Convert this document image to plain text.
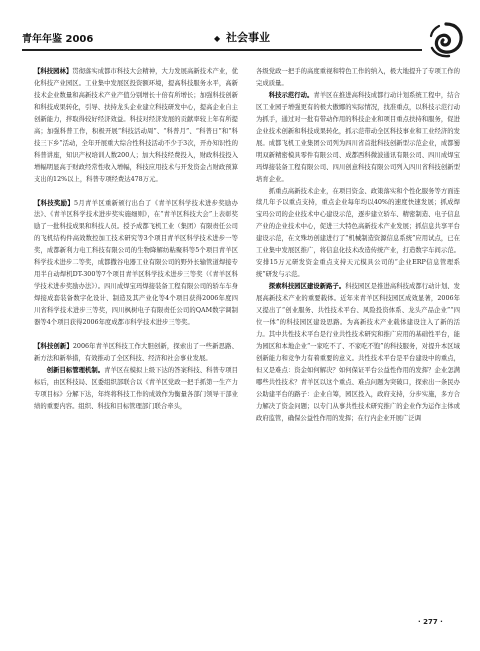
青年年鉴 2006	◆ 社会事业

【科技园林】贯彻落实成都市科技大会精神，大力发展高新技术产业，优化科技产业园区。工业集中发展区投资额环境，提高科技服务水平，高新技术企业数量和高新技术产业产值分别增长十倍有所增长；加强科技创新和科技成果转化，引导、扶持龙头企业建立科技研发中心，提高企业自主创新能力，拌取得较好经济效益。科技对经济发展的贡献率较上年有所提高；加强科普工作，积极开展“科技活动周”、“科普月”、“科普日”和“科技三下乡”活动，全年开展重大综合性科技活动不少于3次，开办知识性的科普讲座，知识产权培训人数200人；加大科技经费投入，财政科技投入增幅明显高于财政经常性收入增幅，科技应用技术与开发资金占财政预算支出的12%以上，科普专项经费达478万元。

【科技奖励】5月青羊区重新颁行出台了《青羊区科学技术进步奖励办法》、《青羊区科学技术进步奖实施细则》，在“青羊区科技大会”上表彰奖励了一批科技成果和科技人员。授予成都飞机工业（集团）有限责任公司的飞机结构件高效数控加工技术研究等3个项目青羊区科学技术进步一等奖，成都新利力电工科技有限公司的生物降解纺粘聚料等5个项目青羊区科学技术进步二等奖，成都撒谷电器工业有限公司的野外长输管道焊接专用半自动焊机DT-300等7个项目青羊区科学技术进步三等奖（《青羊区科学技术进步奖励办法》）。四川成焊宝玛焊接装备工程有限公司的轿车车身焊接成套装备数字化设计、制造及其产业化等4个项目获得2006年度四川省科学技术进步三等奖，四川枫树电子有限责任公司的QAM数字调制器等4个项目获得2006年度成都市科学技术进步三等奖。

【科技创新】2006年青羊区科技工作大胆创新，探索出了一些新思路、新方法和新举措，有效推动了全区科技、经济和社会事业发展。

创新目标管理机制。青羊区在模拟上级下达的答案科技、科普专项目标后，由区科技局、区委组织部联合以《青羊区党政一把手抓第一生产力专项目标》分解下达，年终将科技工作的成效作为衡量各部门领导干部业绩的重要内容。组织、科技和目标管理部门联合牵头，

各级党政一把手的高度重视和特色工作的纳入，极大地提升了专项工作的完成质量。

科技示范行动。青羊区在推进高科技成都行动计划系统工程中，结合区工业园子增强更有的极大傲娜的实际情况，找准重点，以科技示范行动为抓手，通过对一批有带动作用的科技企业和项目重点扶持和服务，促进企业技术创新和科技成果转化，抓示范带动全区科技事业和工业经济的发展。成都飞机工业集团公司列为四川省首批科技创新型示范企业，成都蜀明双新精密模具零件有限公司、成都西科微波通讯有限公司、四川成焊宝玛焊接装备工程有限公司、四川创意科技有限公司列入四川省科技创新型培育企业。

抓重点高新技术企业，在项目资金、政策落实和个性化服务等方面连续几年予以重点支持，重点企业每年均以40%的速度快速发展；抓成焊宝玛公司的企业技术中心建设示范，逐步建立轿车、精密制造、电子信息产业的企业技术中心，促进三大特色高新技术产业发展；抓信息共享平台建设示范，在文殊坊创建进行了“机械制造资源信息系统”应用试点，已在工业集中发展区推广，将信息化技术改造传统产业，打造数字车间示范。安排15万元研发资金重点支持天元模具公司的“企业ERP信息管理系统”研发与示范。

探索科技园区建设新路子。科技园区是推进高科技成都行动计划、发展高新技术产业的重要载体。近年来青羊区科技园区成效显著，2006年又提出了“创业服务、共性技术平台、风险投资体系、龙头产品企业”“四位一体”的科技园区建设思路。为高新技术产业载体建设注入了新的活力。其中共性技术平台是行业共性技术研究和推广应用的基础性平台，能为园区和本地企业“一家吃不了、不家吃不饱”的科技服务，对提升本区域创新能力和竞争力有着重要的意义。共性技术平台是平台建设中的重点，但又是难点：资金如何解决？如何保证平台公益性作用的发挥？企业怎满哪些共性技术？青羊区以这个重点、难点问题为突破口，探索出一条民办公助建平台的路子：企业自筹，园区投入，政府支持，分步实施，多方合力解决了资金问题；以专门从事共性技术研究推广的企业作为运作主体或政府监管，确保公益性作用的发挥；在行内企业开展广泛调

· 277 ·
